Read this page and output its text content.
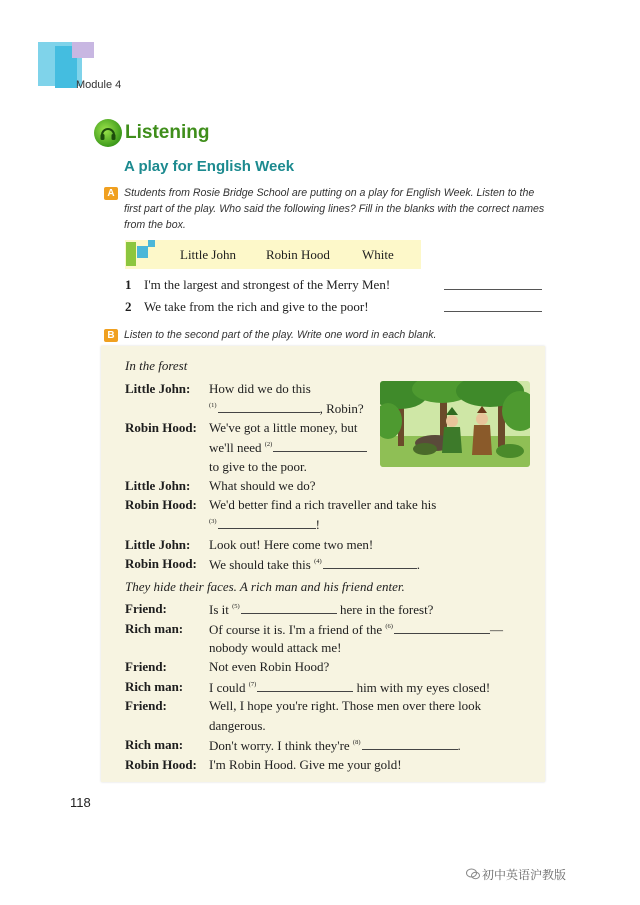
Module 4
Listening
A play for English Week
A Students from Rosie Bridge School are putting on a play for English Week. Listen to the first part of the play. Who said the following lines? Fill in the blanks with the correct names from the box.
Little John Robin Hood White
1 I'm the largest and strongest of the Merry Men!
2 We take from the rich and give to the poor!
B Listen to the second part of the play. Write one word in each blank.
In the forest
Little John: How did we do this
$^{(1)}$	, Robin?
Robin Hood: We've got a little money, but
we'll need $^{(2)}$
to give to the poor.
Little John: What should we do?
Robin Hood: We'd better find a rich traveller and take his
$^{(3)}$	!
Little John: Look out! Here come two men!
Robin Hood: We should take this $^{(4)}$	.
They hide their faces. A rich man and his friend enter.
Friend:	Is it $^{(5)}$	here in the forest?
Rich man: Of course it is. I'm a friend of the $^{(6)}$	—
nobody would attack me!
Friend:	Not even Robin Hood?
Rich man: I could $^{(7)}$	him with my eyes closed!
Friend:	Well, I hope you're right. Those men over there look
dangerous.
Rich man: Don't worry. I think they're $^{(8)}$	.
Robin Hood: I'm Robin Hood. Give me your gold!
118
初中英语沪教版
